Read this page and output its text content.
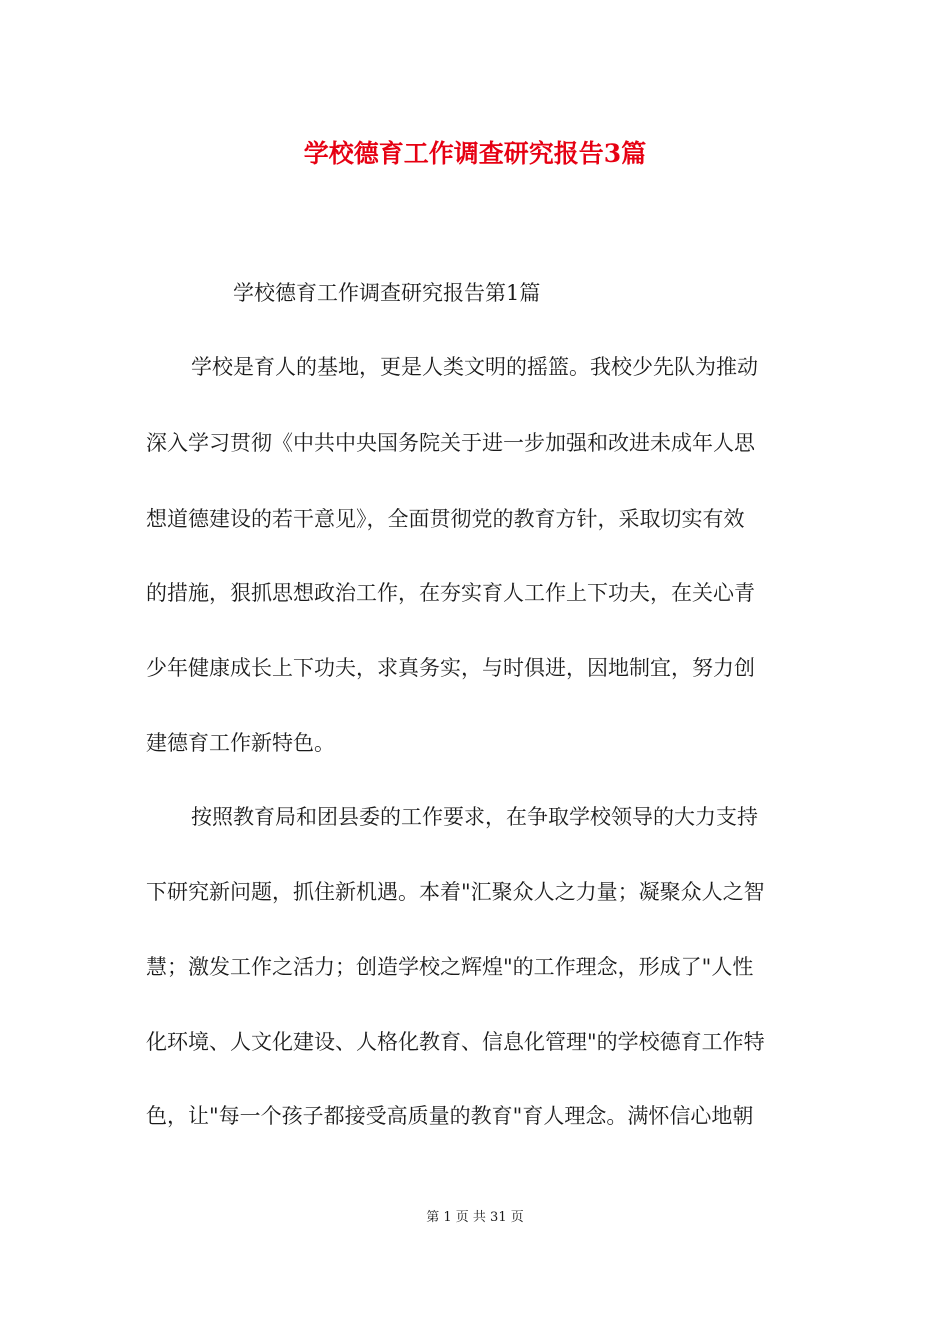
学校德育工作调查研究报告3篇

学校德育工作调查研究报告第1篇

学校是育人的基地，更是人类文明的摇篮。我校少先队为推动

深入学习贯彻《中共中央国务院关于进一步加强和改进未成年人思

想道德建设的若干意见》，全面贯彻党的教育方针，采取切实有效

的措施，狠抓思想政治工作，在夯实育人工作上下功夫，在关心青

少年健康成长上下功夫，求真务实，与时俱进，因地制宜，努力创

建德育工作新特色。

按照教育局和团县委的工作要求，在争取学校领导的大力支持

下研究新问题，抓住新机遇。本着"汇聚众人之力量；凝聚众人之智

慧；激发工作之活力；创造学校之辉煌"的工作理念，形成了"人性

化环境、人文化建设、人格化教育、信息化管理"的学校德育工作特

色，让"每一个孩子都接受高质量的教育"育人理念。满怀信心地朝

第 1 页 共 31 页
